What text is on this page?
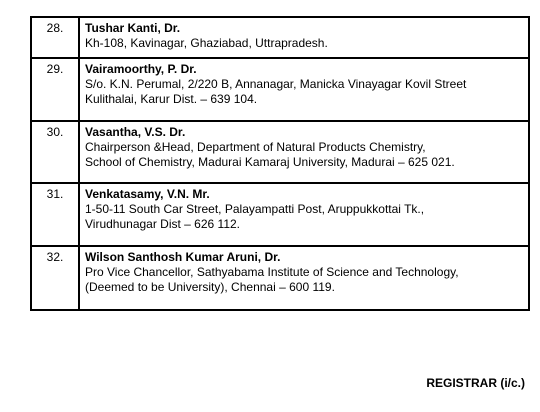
28.	Tushar Kanti, Dr.
Kh-108, Kavinagar, Ghaziabad, Uttrapradesh.

29.	Vairamoorthy, P. Dr.
S/o. K.N. Perumal, 2/220 B, Annanagar, Manicka Vinayagar Kovil Street
Kulithalai, Karur Dist. – 639 104.

30.	Vasantha, V.S. Dr.
Chairperson &Head, Department of Natural Products Chemistry,
School of Chemistry, Madurai Kamaraj University, Madurai – 625 021.

31.	Venkatasamy, V.N. Mr.
1-50-11 South Car Street, Palayampatti Post, Aruppukkottai Tk.,
Virudhunagar Dist – 626 112.

32.	Wilson Santhosh Kumar Aruni, Dr.
Pro Vice Chancellor, Sathyabama Institute of Science and Technology,
(Deemed to be University), Chennai – 600 119.
REGISTRAR (i/c.)
